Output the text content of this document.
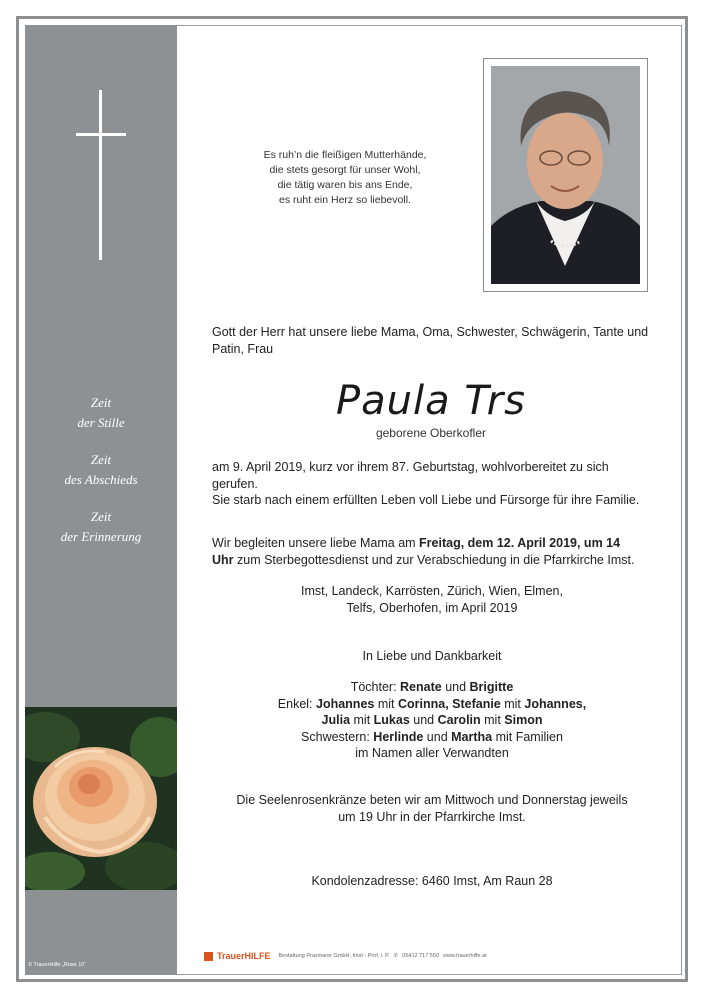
Zeit
der Stille
Zeit
des Abschieds
Zeit
der Erinnerung
© TrauerHilfe „Rose 10“
Es ruh’n die fleißigen Mutterhände,
die stets gesorgt für unser Wohl,
die tätig waren bis ans Ende,
es ruht ein Herz so liebevoll.
Gott der Herr hat unsere liebe Mama, Oma, Schwester, Schwägerin, Tante und
Patin, Frau
Paula Trs
geborene Oberkofler
am 9. April 2019, kurz vor ihrem 87. Geburtstag, wohlvorbereitet zu sich
gerufen.
Sie starb nach einem erfüllten Leben voll Liebe und Fürsorge für ihre Familie.
Wir begleiten unsere liebe Mama am Freitag, dem 12. April 2019, um 14
Uhr zum Sterbegottesdienst und zur Verabschiedung in die Pfarrkirche Imst.
Imst, Landeck, Karrösten, Zürich, Wien, Elmen,
Telfs, Oberhofen, im April 2019
In Liebe und Dankbarkeit
Töchter: Renate und Brigitte
Enkel: Johannes mit Corinna, Stefanie mit Johannes,
Julia mit Lukas und Carolin mit Simon
Schwestern: Herlinde und Martha mit Familien
im Namen aller Verwandten
Die Seelenrosenkränze beten wir am Mittwoch und Donnerstag jeweils
um 19 Uhr in der Pfarrkirche Imst.
Kondolenzadresse: 6460 Imst, Am Raun 28
TrauerHILFE Bestattung Praxmarer GmbH, Imst - Prof. i. P. ✆ 05412 717 550 www.trauerhilfe.at
